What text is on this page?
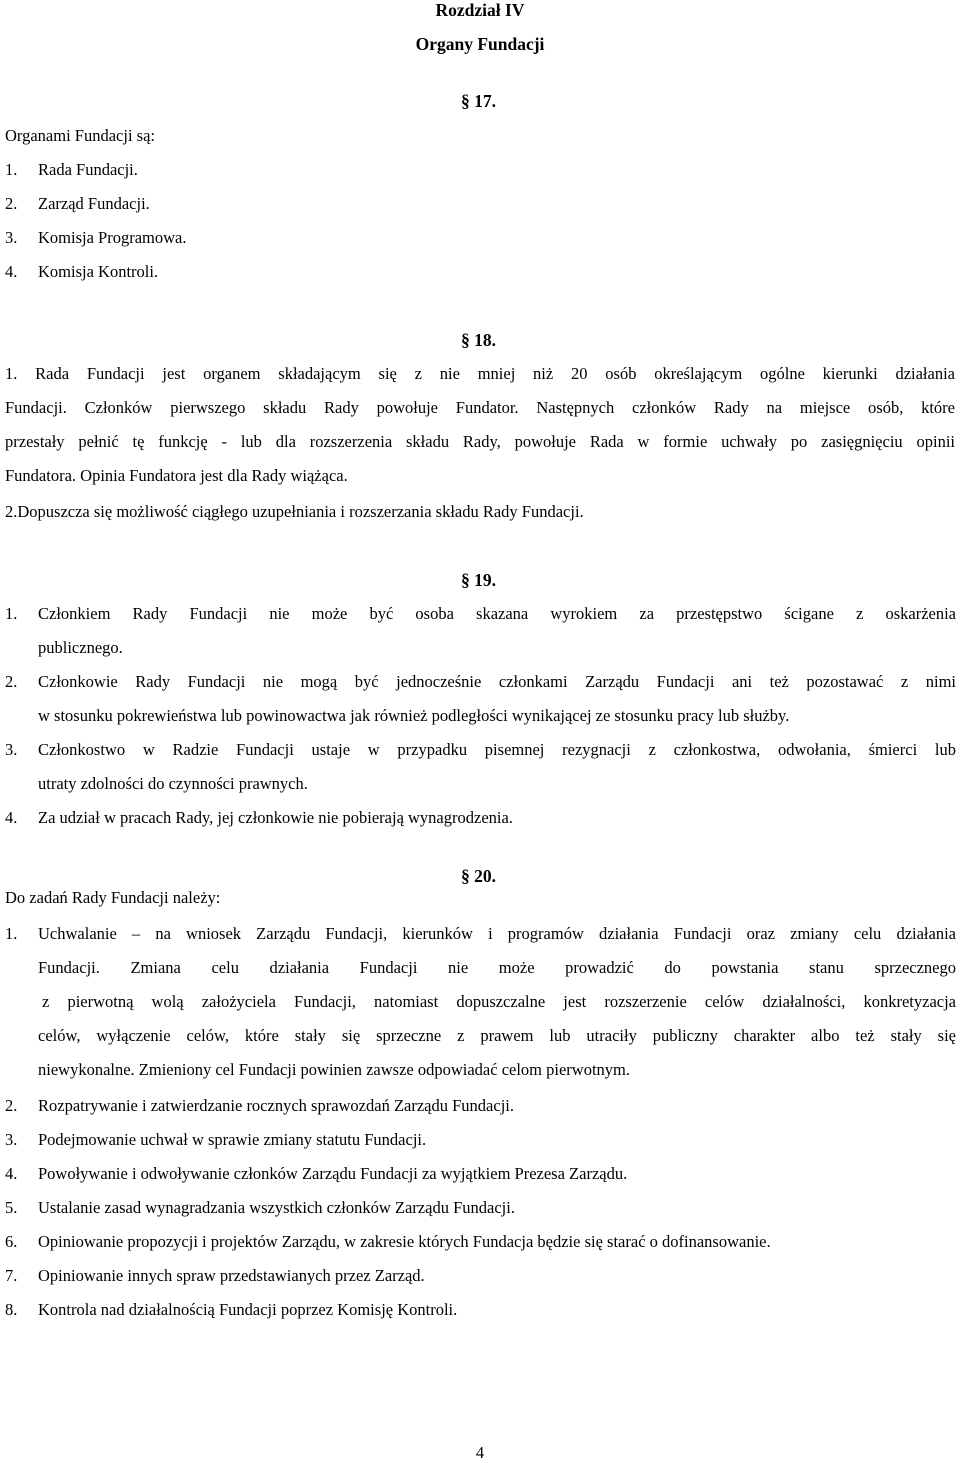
Rozdział IV
Organy Fundacji
§ 17.
Organami Fundacji są:
1. Rada Fundacji.
2. Zarząd Fundacji.
3. Komisja Programowa.
4. Komisja Kontroli.
§ 18.
1. Rada Fundacji jest organem składającym się z nie mniej niż 20 osób określającym ogólne kierunki działania
Fundacji. Członków pierwszego składu Rady powołuje Fundator. Następnych członków Rady na miejsce osób, które
przestały pełnić tę funkcję - lub dla rozszerzenia składu Rady, powołuje Rada w formie uchwały po zasięgnięciu opinii
Fundatora. Opinia Fundatora jest dla Rady wiążąca.
2.Dopuszcza się możliwość ciągłego uzupełniania i rozszerzania składu Rady Fundacji.
§ 19.
1. Członkiem Rady Fundacji nie może być osoba skazana wyrokiem za przestępstwo ścigane z oskarżenia
publicznego.
2. Członkowie Rady Fundacji nie mogą być jednocześnie członkami Zarządu Fundacji ani też pozostawać z nimi
w stosunku pokrewieństwa lub powinowactwa jak również podległości wynikającej ze stosunku pracy lub służby.
3. Członkostwo w Radzie Fundacji ustaje w przypadku pisemnej rezygnacji z członkostwa, odwołania, śmierci lub
utraty zdolności do czynności prawnych.
4. Za udział w pracach Rady, jej członkowie nie pobierają wynagrodzenia.
§ 20.
Do zadań Rady Fundacji należy:
1. Uchwalanie – na wniosek Zarządu Fundacji, kierunków i programów działania Fundacji oraz zmiany celu działania
Fundacji. Zmiana celu działania Fundacji nie może prowadzić do powstania stanu sprzecznego
z pierwotną wolą założyciela Fundacji, natomiast dopuszczalne jest rozszerzenie celów działalności, konkretyzacja
celów, wyłączenie celów, które stały się sprzeczne z prawem lub utraciły publiczny charakter albo też stały się
niewykonalne. Zmieniony cel Fundacji powinien zawsze odpowiadać celom pierwotnym.
2. Rozpatrywanie i zatwierdzanie rocznych sprawozdań Zarządu Fundacji.
3. Podejmowanie uchwał w sprawie zmiany statutu Fundacji.
4. Powoływanie i odwoływanie członków Zarządu Fundacji za wyjątkiem Prezesa Zarządu.
5. Ustalanie zasad wynagradzania wszystkich członków Zarządu Fundacji.
6. Opiniowanie propozycji i projektów Zarządu, w zakresie których Fundacja będzie się starać o dofinansowanie.
7. Opiniowanie innych spraw przedstawianych przez Zarząd.
8. Kontrola nad działalnością Fundacji poprzez Komisję Kontroli.
4
